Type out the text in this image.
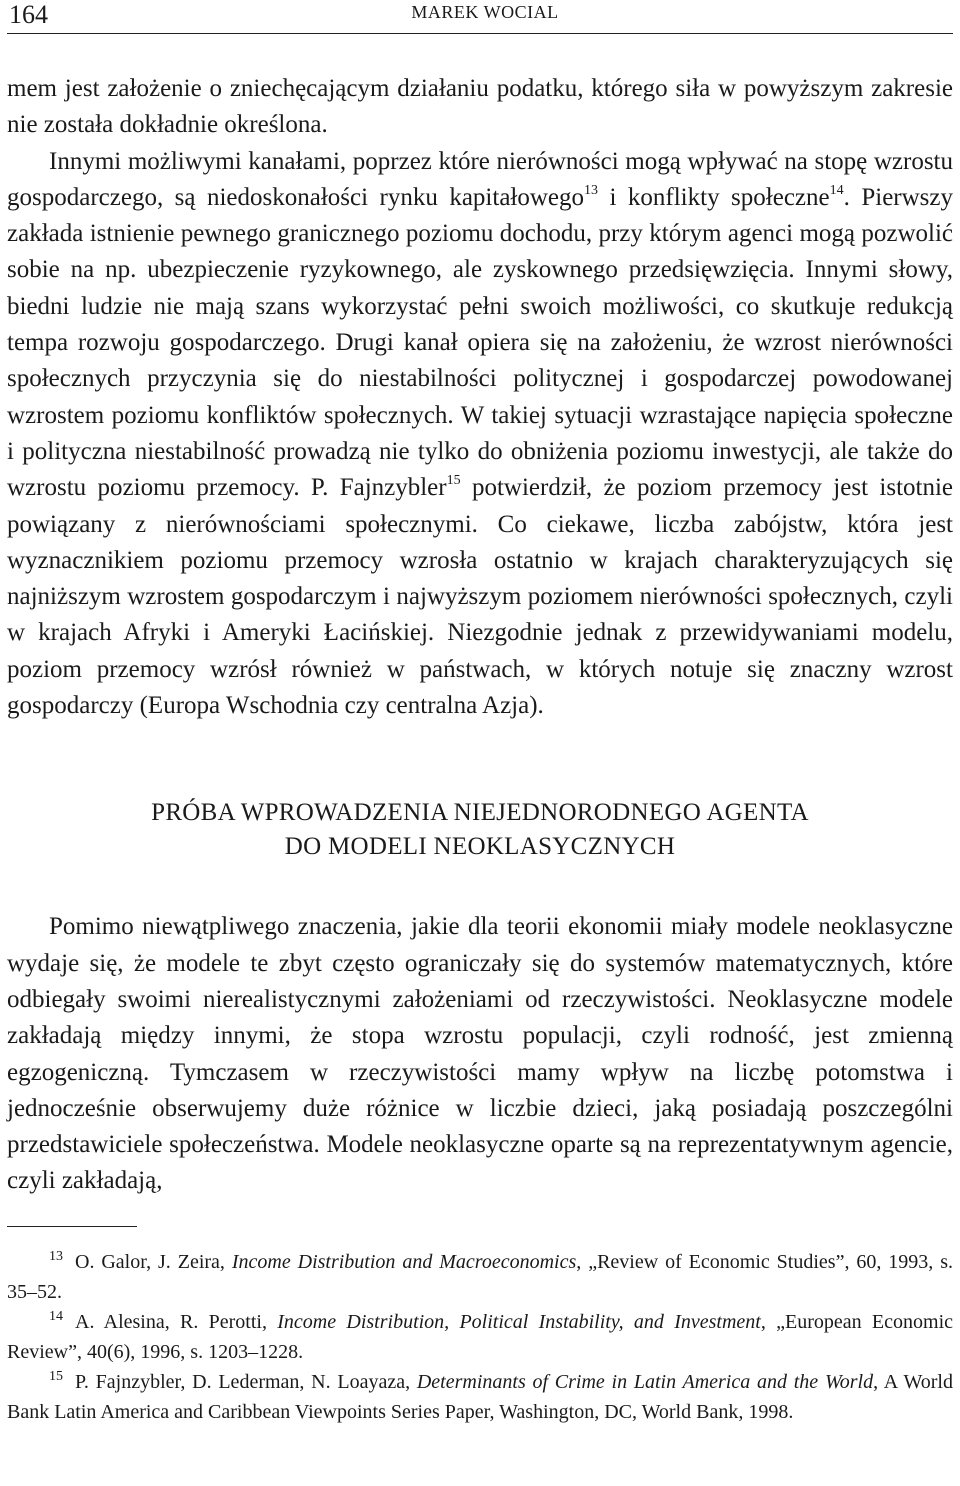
164	MAREK WOCIAL

mem jest założenie o zniechęcającym działaniu podatku, którego siła w powyższym zakresie nie została dokładnie określona.

Innymi możliwymi kanałami, poprzez które nierówności mogą wpływać na stopę wzrostu gospodarczego, są niedoskonałości rynku kapitałowego$^{13}$ i konflikty społeczne$^{14}$. Pierwszy zakłada istnienie pewnego granicznego poziomu dochodu, przy którym agenci mogą pozwolić sobie na np. ubezpieczenie ryzykownego, ale zyskownego przedsięwzięcia. Innymi słowy, biedni ludzie nie mają szans wykorzystać pełni swoich możliwości, co skutkuje redukcją tempa rozwoju gospodarczego. Drugi kanał opiera się na założeniu, że wzrost nierówności społecznych przyczynia się do niestabilności politycznej i gospodarczej powodowanej wzrostem poziomu konfliktów społecznych. W takiej sytuacji wzrastające napięcia społeczne i polityczna niestabilność prowadzą nie tylko do obniżenia poziomu inwestycji, ale także do wzrostu poziomu przemocy. P. Fajnzybler$^{15}$ potwierdził, że poziom przemocy jest istotnie powiązany z nierównościami społecznymi. Co ciekawe, liczba zabójstw, która jest wyznacznikiem poziomu przemocy wzrosła ostatnio w krajach charakteryzujących się najniższym wzrostem gospodarczym i najwyższym poziomem nierówności społecznych, czyli w krajach Afryki i Ameryki Łacińskiej. Niezgodnie jednak z przewidywaniami modelu, poziom przemocy wzrósł również w państwach, w których notuje się znaczny wzrost gospodarczy (Europa Wschodnia czy centralna Azja).

PRÓBA WPROWADZENIA NIEJEDNORODNEGO AGENTA
DO MODELI NEOKLASYCZNYCH

Pomimo niewątpliwego znaczenia, jakie dla teorii ekonomii miały modele neoklasyczne wydaje się, że modele te zbyt często ograniczały się do systemów matematycznych, które odbiegały swoimi nierealistycznymi założeniami od rzeczywistości. Neoklasyczne modele zakładają między innymi, że stopa wzrostu populacji, czyli rodność, jest zmienną egzogeniczną. Tymczasem w rzeczywistości mamy wpływ na liczbę potomstwa i jednocześnie obserwujemy duże różnice w liczbie dzieci, jaką posiadają poszczególni przedstawiciele społeczeństwa. Modele neoklasyczne oparte są na reprezentatywnym agencie, czyli zakładają,

$^{13}$ O. Galor, J. Zeira, Income Distribution and Macroeconomics, „Review of Economic Studies”, 60, 1993, s. 35–52.

$^{14}$ A. Alesina, R. Perotti, Income Distribution, Political Instability, and Investment, „European Economic Review”, 40(6), 1996, s. 1203–1228.

$^{15}$ P. Fajnzybler, D. Lederman, N. Loayaza, Determinants of Crime in Latin America and the World, A World Bank Latin America and Caribbean Viewpoints Series Paper, Washington, DC, World Bank, 1998.
